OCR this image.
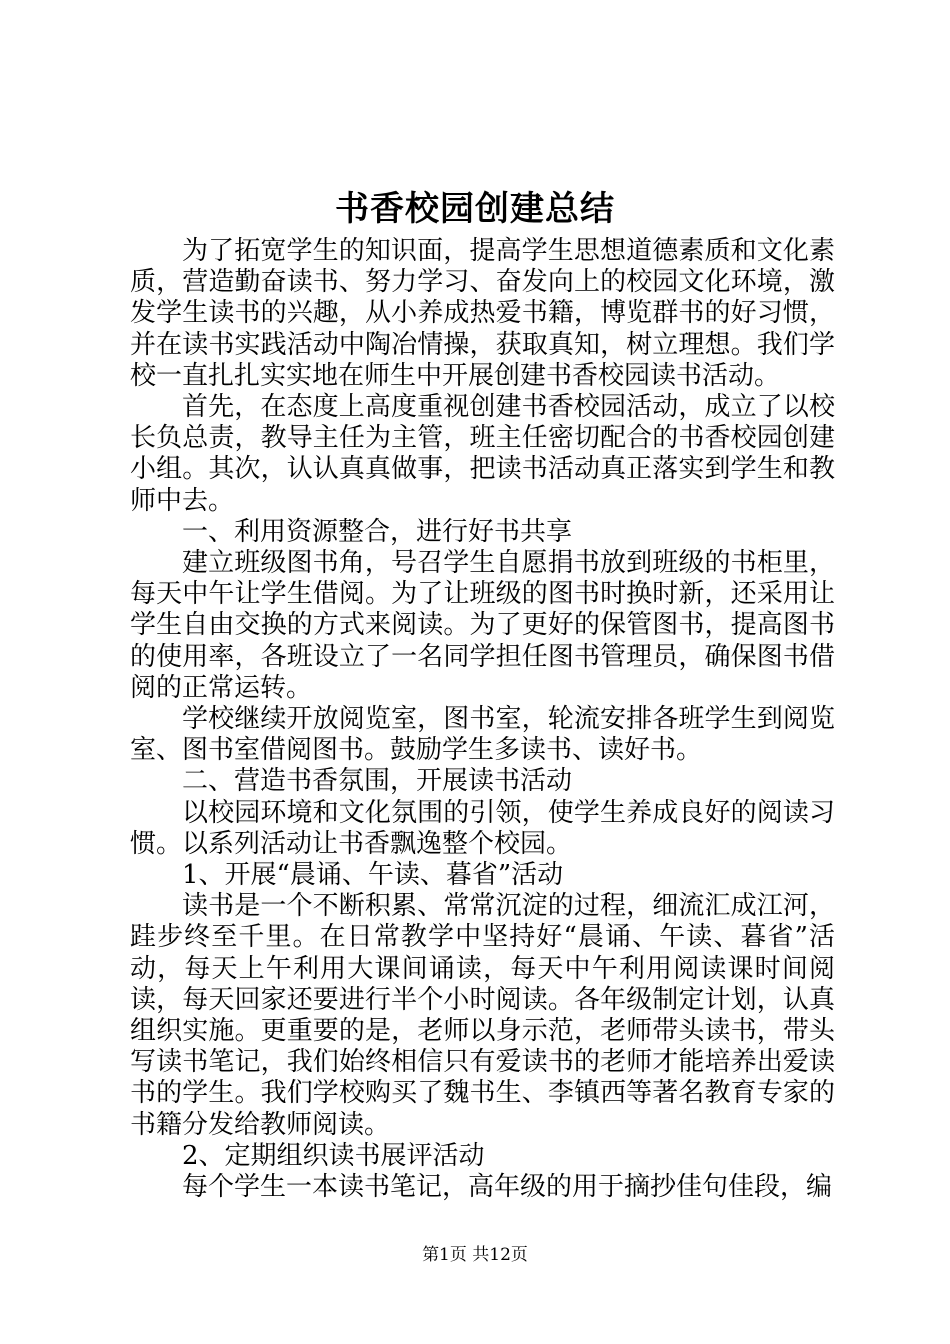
书香校园创建总结

为了拓宽学生的知识面，提高学生思想道德素质和文化素质，营造勤奋读书、努力学习、奋发向上的校园文化环境，激发学生读书的兴趣，从小养成热爱书籍，博览群书的好习惯，并在读书实践活动中陶冶情操，获取真知，树立理想。我们学校一直扎扎实实地在师生中开展创建书香校园读书活动。

首先，在态度上高度重视创建书香校园活动，成立了以校长负总责，教导主任为主管，班主任密切配合的书香校园创建小组。其次，认认真真做事，把读书活动真正落实到学生和教师中去。

一、利用资源整合，进行好书共享

建立班级图书角，号召学生自愿捐书放到班级的书柜里，每天中午让学生借阅。为了让班级的图书时换时新，还采用让学生自由交换的方式来阅读。为了更好的保管图书，提高图书的使用率，各班设立了一名同学担任图书管理员，确保图书借阅的正常运转。

学校继续开放阅览室，图书室，轮流安排各班学生到阅览室、图书室借阅图书。鼓励学生多读书、读好书。

二、营造书香氛围，开展读书活动

以校园环境和文化氛围的引领，使学生养成良好的阅读习惯。以系列活动让书香飘逸整个校园。

1、开展“晨诵、午读、暮省”活动

读书是一个不断积累、常常沉淀的过程，细流汇成江河，跬步终至千里。在日常教学中坚持好“晨诵、午读、暮省”活动，每天上午利用大课间诵读，每天中午利用阅读课时间阅读，每天回家还要进行半个小时阅读。各年级制定计划，认真组织实施。更重要的是，老师以身示范，老师带头读书，带头写读书笔记，我们始终相信只有爱读书的老师才能培养出爱读书的学生。我们学校购买了魏书生、李镇西等著名教育专家的书籍分发给教师阅读。

2、定期组织读书展评活动

每个学生一本读书笔记，高年级的用于摘抄佳句佳段，编

第1页 共12页
